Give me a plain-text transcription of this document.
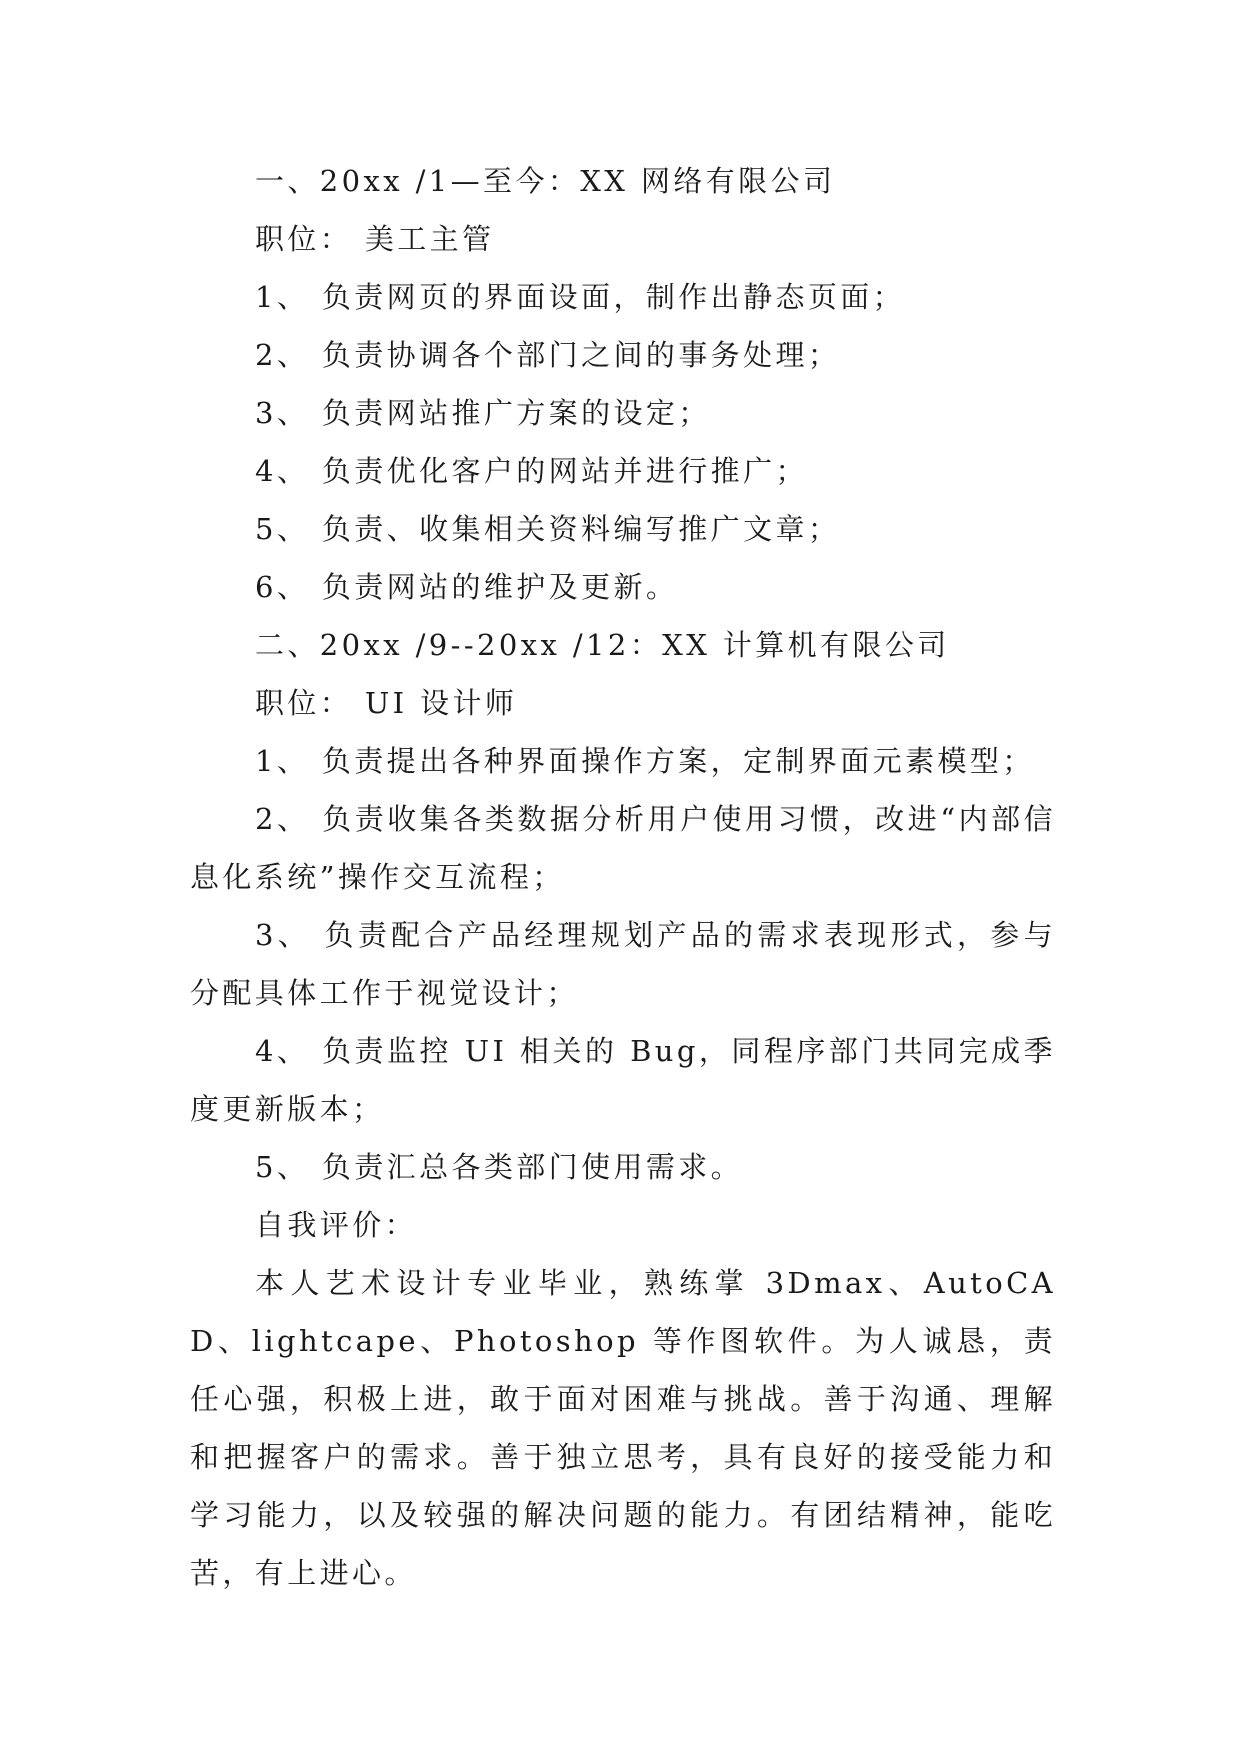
一、20xx /1—至今：XX 网络有限公司
职位： 美工主管
1、 负责网页的界面设面，制作出静态页面；
2、 负责协调各个部门之间的事务处理；
3、 负责网站推广方案的设定；
4、 负责优化客户的网站并进行推广；
5、 负责、收集相关资料编写推广文章；
6、 负责网站的维护及更新。
二、20xx /9--20xx /12：XX 计算机有限公司
职位： UI 设计师
1、 负责提出各种界面操作方案，定制界面元素模型；

2、 负责收集各类数据分析用户使用习惯，改进“内部信息化系统”操作交互流程；

3、 负责配合产品经理规划产品的需求表现形式，参与分配具体工作于视觉设计；

4、 负责监控 UI 相关的 Bug，同程序部门共同完成季度更新版本；

5、 负责汇总各类部门使用需求。
自我评价：

本人艺术设计专业毕业，熟练掌 3Dmax、AutoCAD、lightcape、Photoshop 等作图软件。为人诚恳，责任心强，积极上进，敢于面对困难与挑战。善于沟通、理解和把握客户的需求。善于独立思考，具有良好的接受能力和学习能力，以及较强的解决问题的能力。有团结精神，能吃苦，有上进心。
